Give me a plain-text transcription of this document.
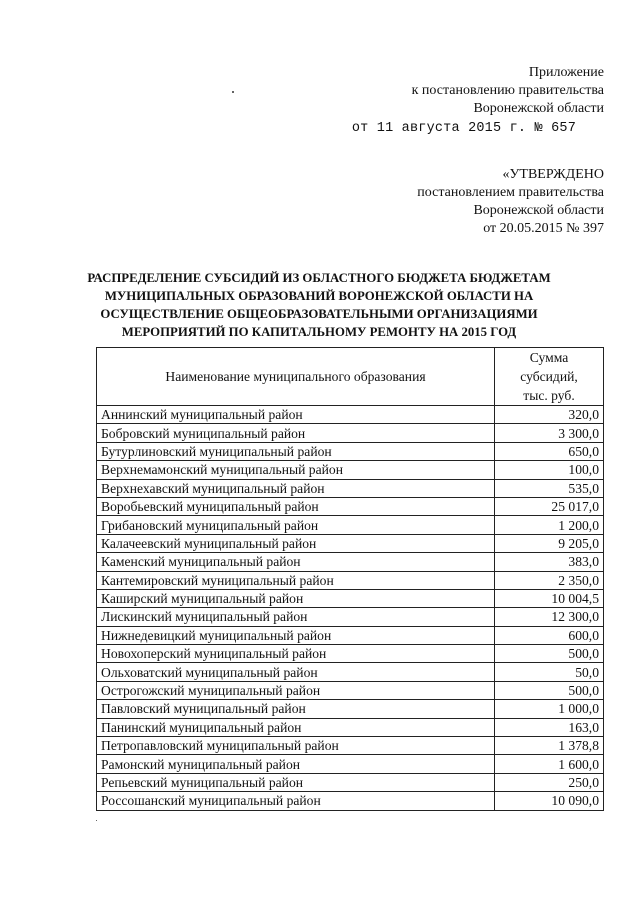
Приложение
к постановлению правительства
Воронежской области
от 11 августа 2015 г. № 657
«УТВЕРЖДЕНО
постановлением правительства
Воронежской области
от 20.05.2015 № 397
РАСПРЕДЕЛЕНИЕ СУБСИДИЙ ИЗ ОБЛАСТНОГО БЮДЖЕТА БЮДЖЕТАМ
МУНИЦИПАЛЬНЫХ ОБРАЗОВАНИЙ ВОРОНЕЖСКОЙ ОБЛАСТИ НА
ОСУЩЕСТВЛЕНИЕ ОБЩЕОБРАЗОВАТЕЛЬНЫМИ ОРГАНИЗАЦИЯМИ
МЕРОПРИЯТИЙ ПО КАПИТАЛЬНОМУ РЕМОНТУ НА 2015 ГОД
Наименование муниципального образования	Сумма
субсидий,
тыс. руб.

Аннинский муниципальный район	320,0
Бобровский муниципальный район	3 300,0
Бутурлиновский муниципальный район	650,0
Верхнемамонский муниципальный район	100,0
Верхнехавский муниципальный район	535,0
Воробьевский муниципальный район	25 017,0
Грибановский муниципальный район	1 200,0
Калачеевский муниципальный район	9 205,0
Каменский муниципальный район	383,0
Кантемировский муниципальный район	2 350,0
Каширский муниципальный район	10 004,5
Лискинский муниципальный район	12 300,0
Нижнедевицкий муниципальный район	600,0
Новохоперский муниципальный район	500,0
Ольховатский муниципальный район	50,0
Острогожский муниципальный район	500,0
Павловский муниципальный район	1 000,0
Панинский муниципальный район	163,0
Петропавловский муниципальный район	1 378,8
Рамонский муниципальный район	1 600,0
Репьевский муниципальный район	250,0
Россошанский муниципальный район	10 090,0
